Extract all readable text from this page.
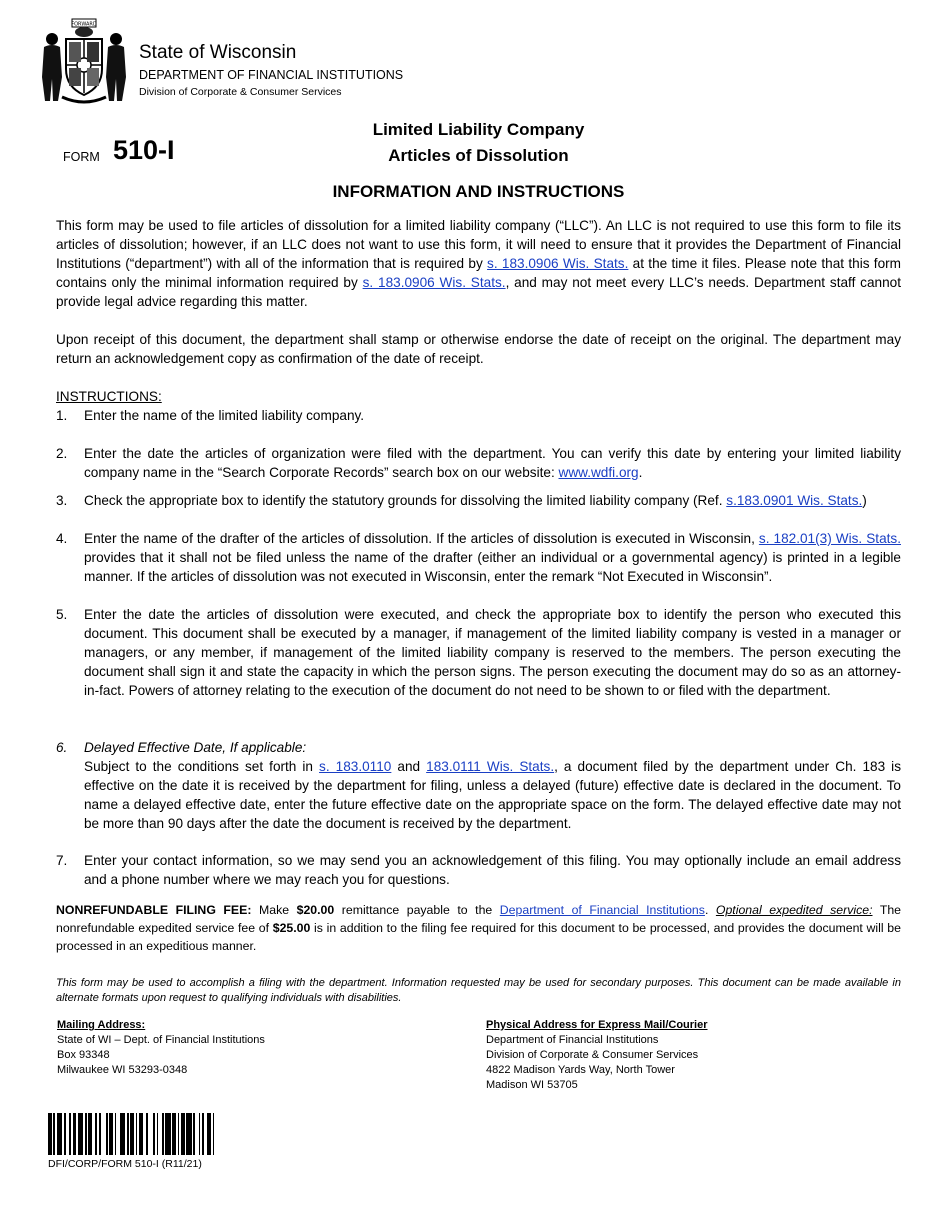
FORWARD
State of Wisconsin
DEPARTMENT OF FINANCIAL INSTITUTIONS
Division of Corporate & Consumer Services
FORM 510-I
Limited Liability Company
Articles of Dissolution
INFORMATION AND INSTRUCTIONS
This form may be used to file articles of dissolution for a limited liability company (“LLC”). An LLC is not required to use this form to file its articles of dissolution; however, if an LLC does not want to use this form, it will need to ensure that it provides the Department of Financial Institutions (“department”) with all of the information that is required by s. 183.0906 Wis. Stats. at the time it files. Please note that this form contains only the minimal information required by s. 183.0906 Wis. Stats., and may not meet every LLC’s needs. Department staff cannot provide legal advice regarding this matter.
Upon receipt of this document, the department shall stamp or otherwise endorse the date of receipt on the original. The department may return an acknowledgement copy as confirmation of the date of receipt.
INSTRUCTIONS:
1. Enter the name of the limited liability company.
2. Enter the date the articles of organization were filed with the department. You can verify this date by entering your limited liability company name in the “Search Corporate Records” search box on our website: www.wdfi.org.
3. Check the appropriate box to identify the statutory grounds for dissolving the limited liability company (Ref. s.183.0901 Wis. Stats.)
4. Enter the name of the drafter of the articles of dissolution. If the articles of dissolution is executed in Wisconsin, s. 182.01(3) Wis. Stats. provides that it shall not be filed unless the name of the drafter (either an individual or a governmental agency) is printed in a legible manner. If the articles of dissolution was not executed in Wisconsin, enter the remark “Not Executed in Wisconsin”.
5. Enter the date the articles of dissolution were executed, and check the appropriate box to identify the person who executed this document. This document shall be executed by a manager, if management of the limited liability company is vested in a manager or managers, or any member, if management of the limited liability company is reserved to the members. The person executing the document shall sign it and state the capacity in which the person signs. The person executing the document may do so as an attorney-in-fact. Powers of attorney relating to the execution of the document do not need to be shown to or filed with the department.
6. Delayed Effective Date, If applicable:
Subject to the conditions set forth in s. 183.0110 and 183.0111 Wis. Stats., a document filed by the department under Ch. 183 is effective on the date it is received by the department for filing, unless a delayed (future) effective date is declared in the document. To name a delayed effective date, enter the future effective date on the appropriate space on the form. The delayed effective date may not be more than 90 days after the date the document is received by the department.
7. Enter your contact information, so we may send you an acknowledgement of this filing. You may optionally include an email address and a phone number where we may reach you for questions.
NONREFUNDABLE FILING FEE: Make $20.00 remittance payable to the Department of Financial Institutions. Optional expedited service: The nonrefundable expedited service fee of $25.00 is in addition to the filing fee required for this document to be processed, and provides the document will be processed in an expeditious manner.
This form may be used to accomplish a filing with the department. Information requested may be used for secondary purposes. This document can be made available in alternate formats upon request to qualifying individuals with disabilities.
Mailing Address:
State of WI – Dept. of Financial Institutions
Box 93348
Milwaukee WI 53293-0348
Physical Address for Express Mail/Courier
Department of Financial Institutions
Division of Corporate & Consumer Services
4822 Madison Yards Way, North Tower
Madison WI 53705
DFI/CORP/FORM 510-I (R11/21)
